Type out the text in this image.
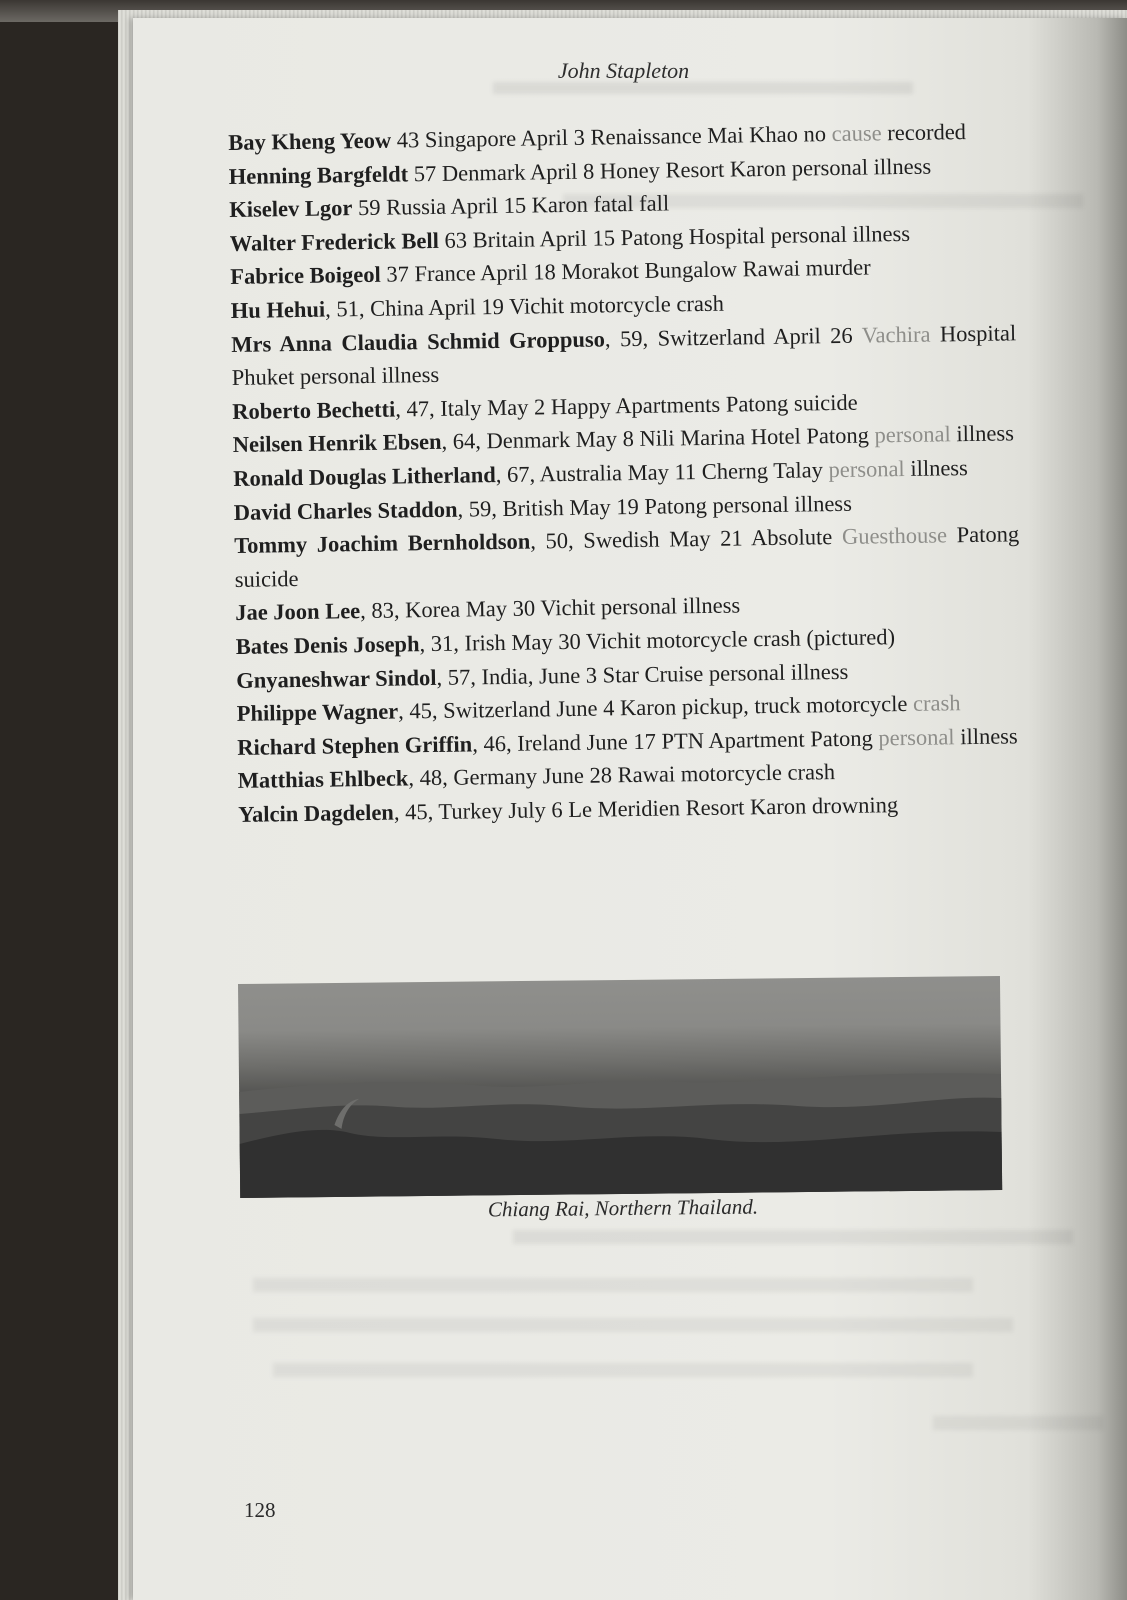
John Stapleton
Bay Kheng Yeow 43 Singapore April 3 Renaissance Mai Khao no cause recorded
Henning Bargfeldt 57 Denmark April 8 Honey Resort Karon personal illness
Kiselev Lgor 59 Russia April 15 Karon fatal fall
Walter Frederick Bell 63 Britain April 15 Patong Hospital personal illness
Fabrice Boigeol 37 France April 18 Morakot Bungalow Rawai murder
Hu Hehui, 51, China April 19 Vichit motorcycle crash
Mrs Anna Claudia Schmid Groppuso, 59, Switzerland April 26 Vachira Hospital Phuket personal illness
Roberto Bechetti, 47, Italy May 2 Happy Apartments Patong suicide
Neilsen Henrik Ebsen, 64, Denmark May 8 Nili Marina Hotel Patong personal illness
Ronald Douglas Litherland, 67, Australia May 11 Cherng Talay personal illness
David Charles Staddon, 59, British May 19 Patong personal illness
Tommy Joachim Bernholdson, 50, Swedish May 21 Absolute Guesthouse Patong suicide
Jae Joon Lee, 83, Korea May 30 Vichit personal illness
Bates Denis Joseph, 31, Irish May 30 Vichit motorcycle crash (pictured)
Gnyaneshwar Sindol, 57, India, June 3 Star Cruise personal illness
Philippe Wagner, 45, Switzerland June 4 Karon pickup, truck motorcycle crash
Richard Stephen Griffin, 46, Ireland June 17 PTN Apartment Patong personal illness
Matthias Ehlbeck, 48, Germany June 28 Rawai motorcycle crash
Yalcin Dagdelen, 45, Turkey July 6 Le Meridien Resort Karon drowning
Chiang Rai, Northern Thailand.
128
